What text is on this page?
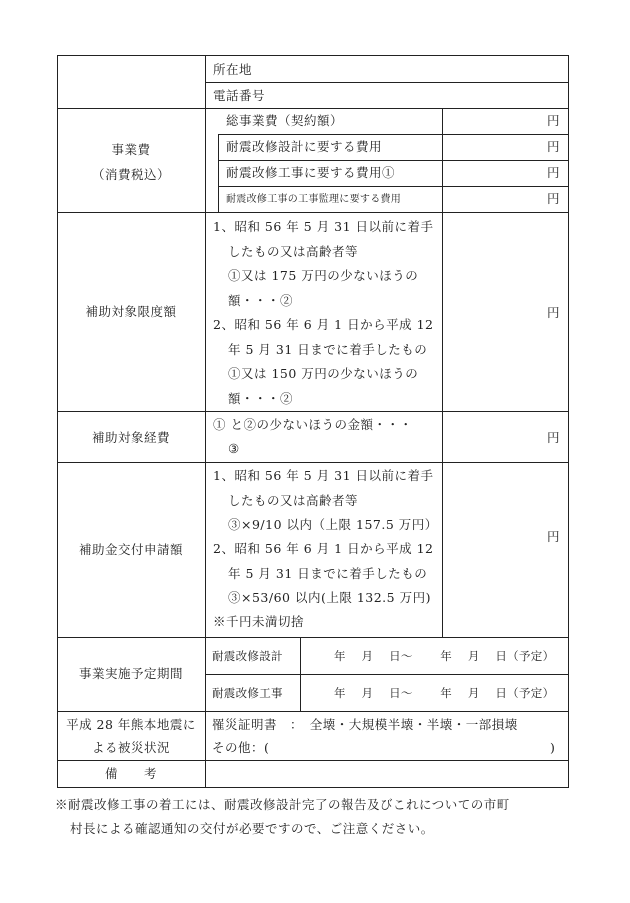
所在地
電話番号
事業費
（消費税込）
総事業費（契約額）
耐震改修設計に要する費用
耐震改修工事に要する費用①
耐震改修工事の工事監理に要する費用
円
円
円
円
補助対象限度額
1、昭和 56 年 5 月 31 日以前に着手
したもの又は高齢者等
①又は 175 万円の少ないほうの
額・・・②
2、昭和 56 年 6 月 1 日から平成 12
年 5 月 31 日までに着手したもの
①又は 150 万円の少ないほうの
額・・・②
円
補助対象経費
① と②の少ないほうの金額・・・
③
円
補助金交付申請額
1、昭和 56 年 5 月 31 日以前に着手
したもの又は高齢者等
③×9/10 以内（上限 157.5 万円）
2、昭和 56 年 6 月 1 日から平成 12
年 5 月 31 日までに着手したもの
③×53/60 以内(上限 132.5 万円)
※千円未満切捨
円
事業実施予定期間
耐震改修設計
耐震改修工事
年　 月　 日～　　 年　 月　 日（予定）
年　 月　 日～　　 年　 月　 日（予定）
平成 28 年熊本地震に
よる被災状況
罹災証明書　：　全壊・大規模半壊・半壊・一部損壊
その他：(	)
備　　考
※耐震改修工事の着工には、耐震改修設計完了の報告及びこれについての市町
村長による確認通知の交付が必要ですので、ご注意ください。
